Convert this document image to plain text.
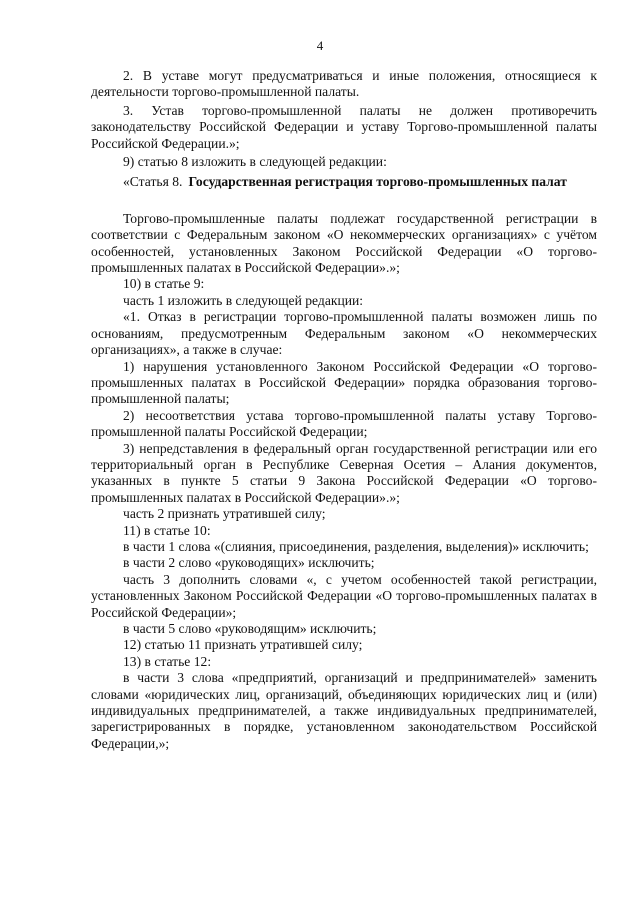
4

2. В уставе могут предусматриваться и иные положения, относящиеся к деятельности торгово-промышленной палаты.

3. Устав торгово-промышленной палаты не должен противоречить законодательству Российской Федерации и уставу Торгово-промышленной палаты Российской Федерации.»;

9) статью 8 изложить в следующей редакции:

«Статья 8. Государственная регистрация торгово-промышленных палат

Торгово-промышленные палаты подлежат государственной регистрации в соответствии с Федеральным законом «О некоммерческих организациях» с учётом особенностей, установленных Законом Российской Федерации «О торгово-промышленных палатах в Российской Федерации».»;

10) в статье 9:

часть 1 изложить в следующей редакции:

«1. Отказ в регистрации торгово-промышленной палаты возможен лишь по основаниям, предусмотренным Федеральным законом «О некоммерческих организациях», а также в случае:

1) нарушения установленного Законом Российской Федерации «О торгово-промышленных палатах в Российской Федерации» порядка образования торгово-промышленной палаты;

2) несоответствия устава торгово-промышленной палаты уставу Торгово-промышленной палаты Российской Федерации;

3) непредставления в федеральный орган государственной регистрации или его территориальный орган в Республике Северная Осетия – Алания документов, указанных в пункте 5 статьи 9 Закона Российской Федерации «О торгово-промышленных палатах в Российской Федерации».»;

часть 2 признать утратившей силу;

11) в статье 10:

в части 1 слова «(слияния, присоединения, разделения, выделения)» исключить;

в части 2 слово «руководящих» исключить;

часть 3 дополнить словами «, с учетом особенностей такой регистрации, установленных Законом Российской Федерации «О торгово-промышленных палатах в Российской Федерации»;

в части 5 слово «руководящим» исключить;

12) статью 11 признать утратившей силу;

13) в статье 12:

в части 3 слова «предприятий, организаций и предпринимателей» заменить словами «юридических лиц, организаций, объединяющих юридических лиц и (или) индивидуальных предпринимателей, а также индивидуальных предпринимателей, зарегистрированных в порядке, установленном законодательством Российской Федерации,»;
